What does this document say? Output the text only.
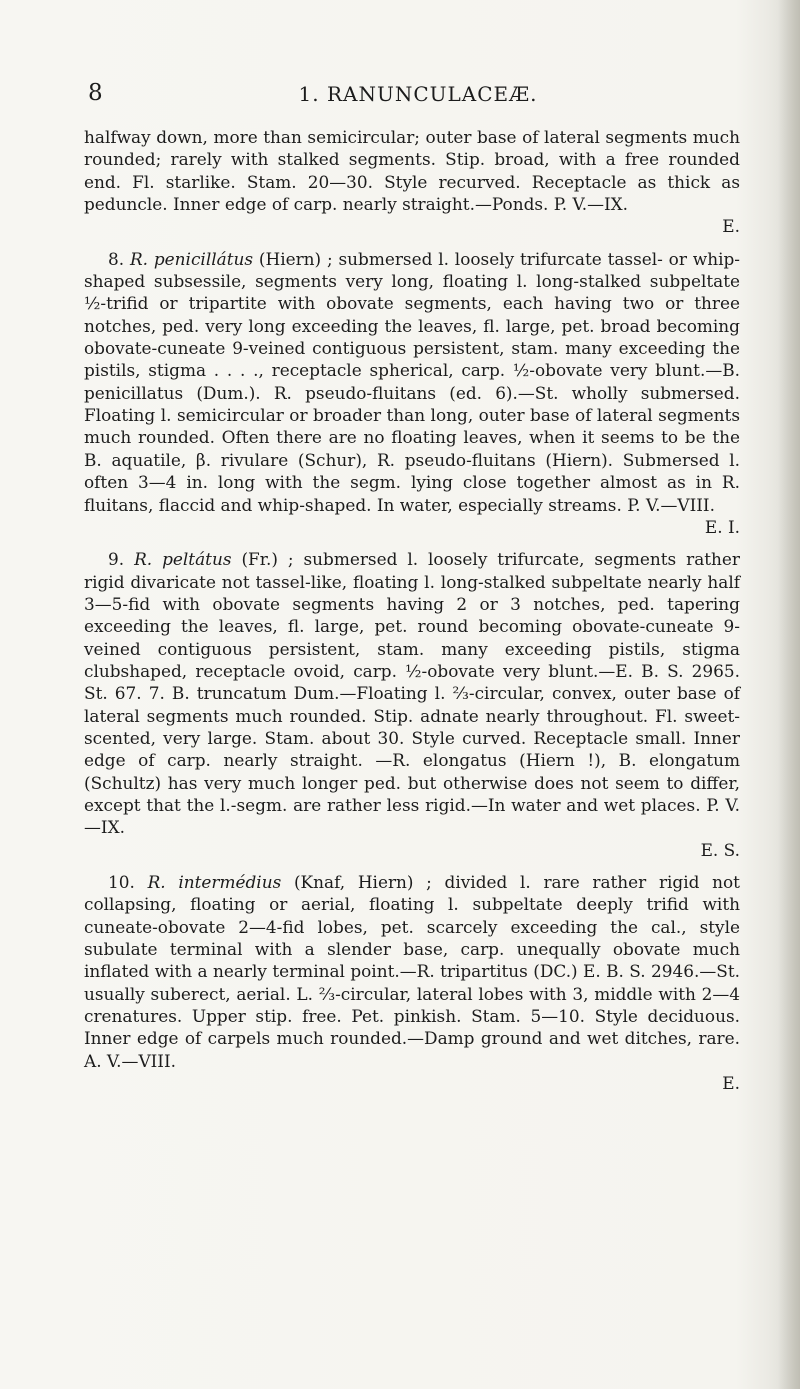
8	1. RANUNCULACEÆ.

halfway down, more than semicircular; outer base of lateral segments much rounded; rarely with stalked segments. Stip. broad, with a free rounded end. Fl. starlike. Stam. 20—30. Style recurved. Receptacle as thick as peduncle. Inner edge of carp. nearly straight.—Ponds. P. V.—IX.
E.

8. R. penicillátus (Hiern) ; submersed l. loosely trifurcate tassel- or whip-shaped subsessile, segments very long, floating l. long-stalked subpeltate ½-trifid or tripartite with obovate segments, each having two or three notches, ped. very long exceeding the leaves, fl. large, pet. broad becoming obovate-cuneate 9-veined contiguous persistent, stam. many exceeding the pistils, stigma . . . ., receptacle spherical, carp. ½-obovate very blunt.—B. penicillatus (Dum.). R. pseudo-fluitans (ed. 6).—St. wholly submersed. Floating l. semicircular or broader than long, outer base of lateral segments much rounded. Often there are no floating leaves, when it seems to be the B. aquatile, β. rivulare (Schur), R. pseudo-fluitans (Hiern). Submersed l. often 3—4 in. long with the segm. lying close together almost as in R. fluitans, flaccid and whip-shaped. In water, especially streams. P. V.—VIII.
E. I.

9. R. peltátus (Fr.) ; submersed l. loosely trifurcate, segments rather rigid divaricate not tassel-like, floating l. long-stalked subpeltate nearly half 3—5-fid with obovate segments having 2 or 3 notches, ped. tapering exceeding the leaves, fl. large, pet. round becoming obovate-cuneate 9-veined contiguous persistent, stam. many exceeding pistils, stigma clubshaped, receptacle ovoid, carp. ½-obovate very blunt.—E. B. S. 2965. St. 67. 7. B. truncatum Dum.—Floating l. ⅔-circular, convex, outer base of lateral segments much rounded. Stip. adnate nearly throughout. Fl. sweet-scented, very large. Stam. about 30. Style curved. Receptacle small. Inner edge of carp. nearly straight. —R. elongatus (Hiern !), B. elongatum (Schultz) has very much longer ped. but otherwise does not seem to differ, except that the l.-segm. are rather less rigid.—In water and wet places. P. V.—IX.
E. S.

10. R. intermédius (Knaf, Hiern) ; divided l. rare rather rigid not collapsing, floating or aerial, floating l. subpeltate deeply trifid with cuneate-obovate 2—4-fid lobes, pet. scarcely exceeding the cal., style subulate terminal with a slender base, carp. unequally obovate much inflated with a nearly terminal point.—R. tripartitus (DC.) E. B. S. 2946.—St. usually suberect, aerial. L. ⅔-circular, lateral lobes with 3, middle with 2—4 crenatures. Upper stip. free. Pet. pinkish. Stam. 5—10. Style deciduous. Inner edge of carpels much rounded.—Damp ground and wet ditches, rare. A. V.—VIII.
E.
